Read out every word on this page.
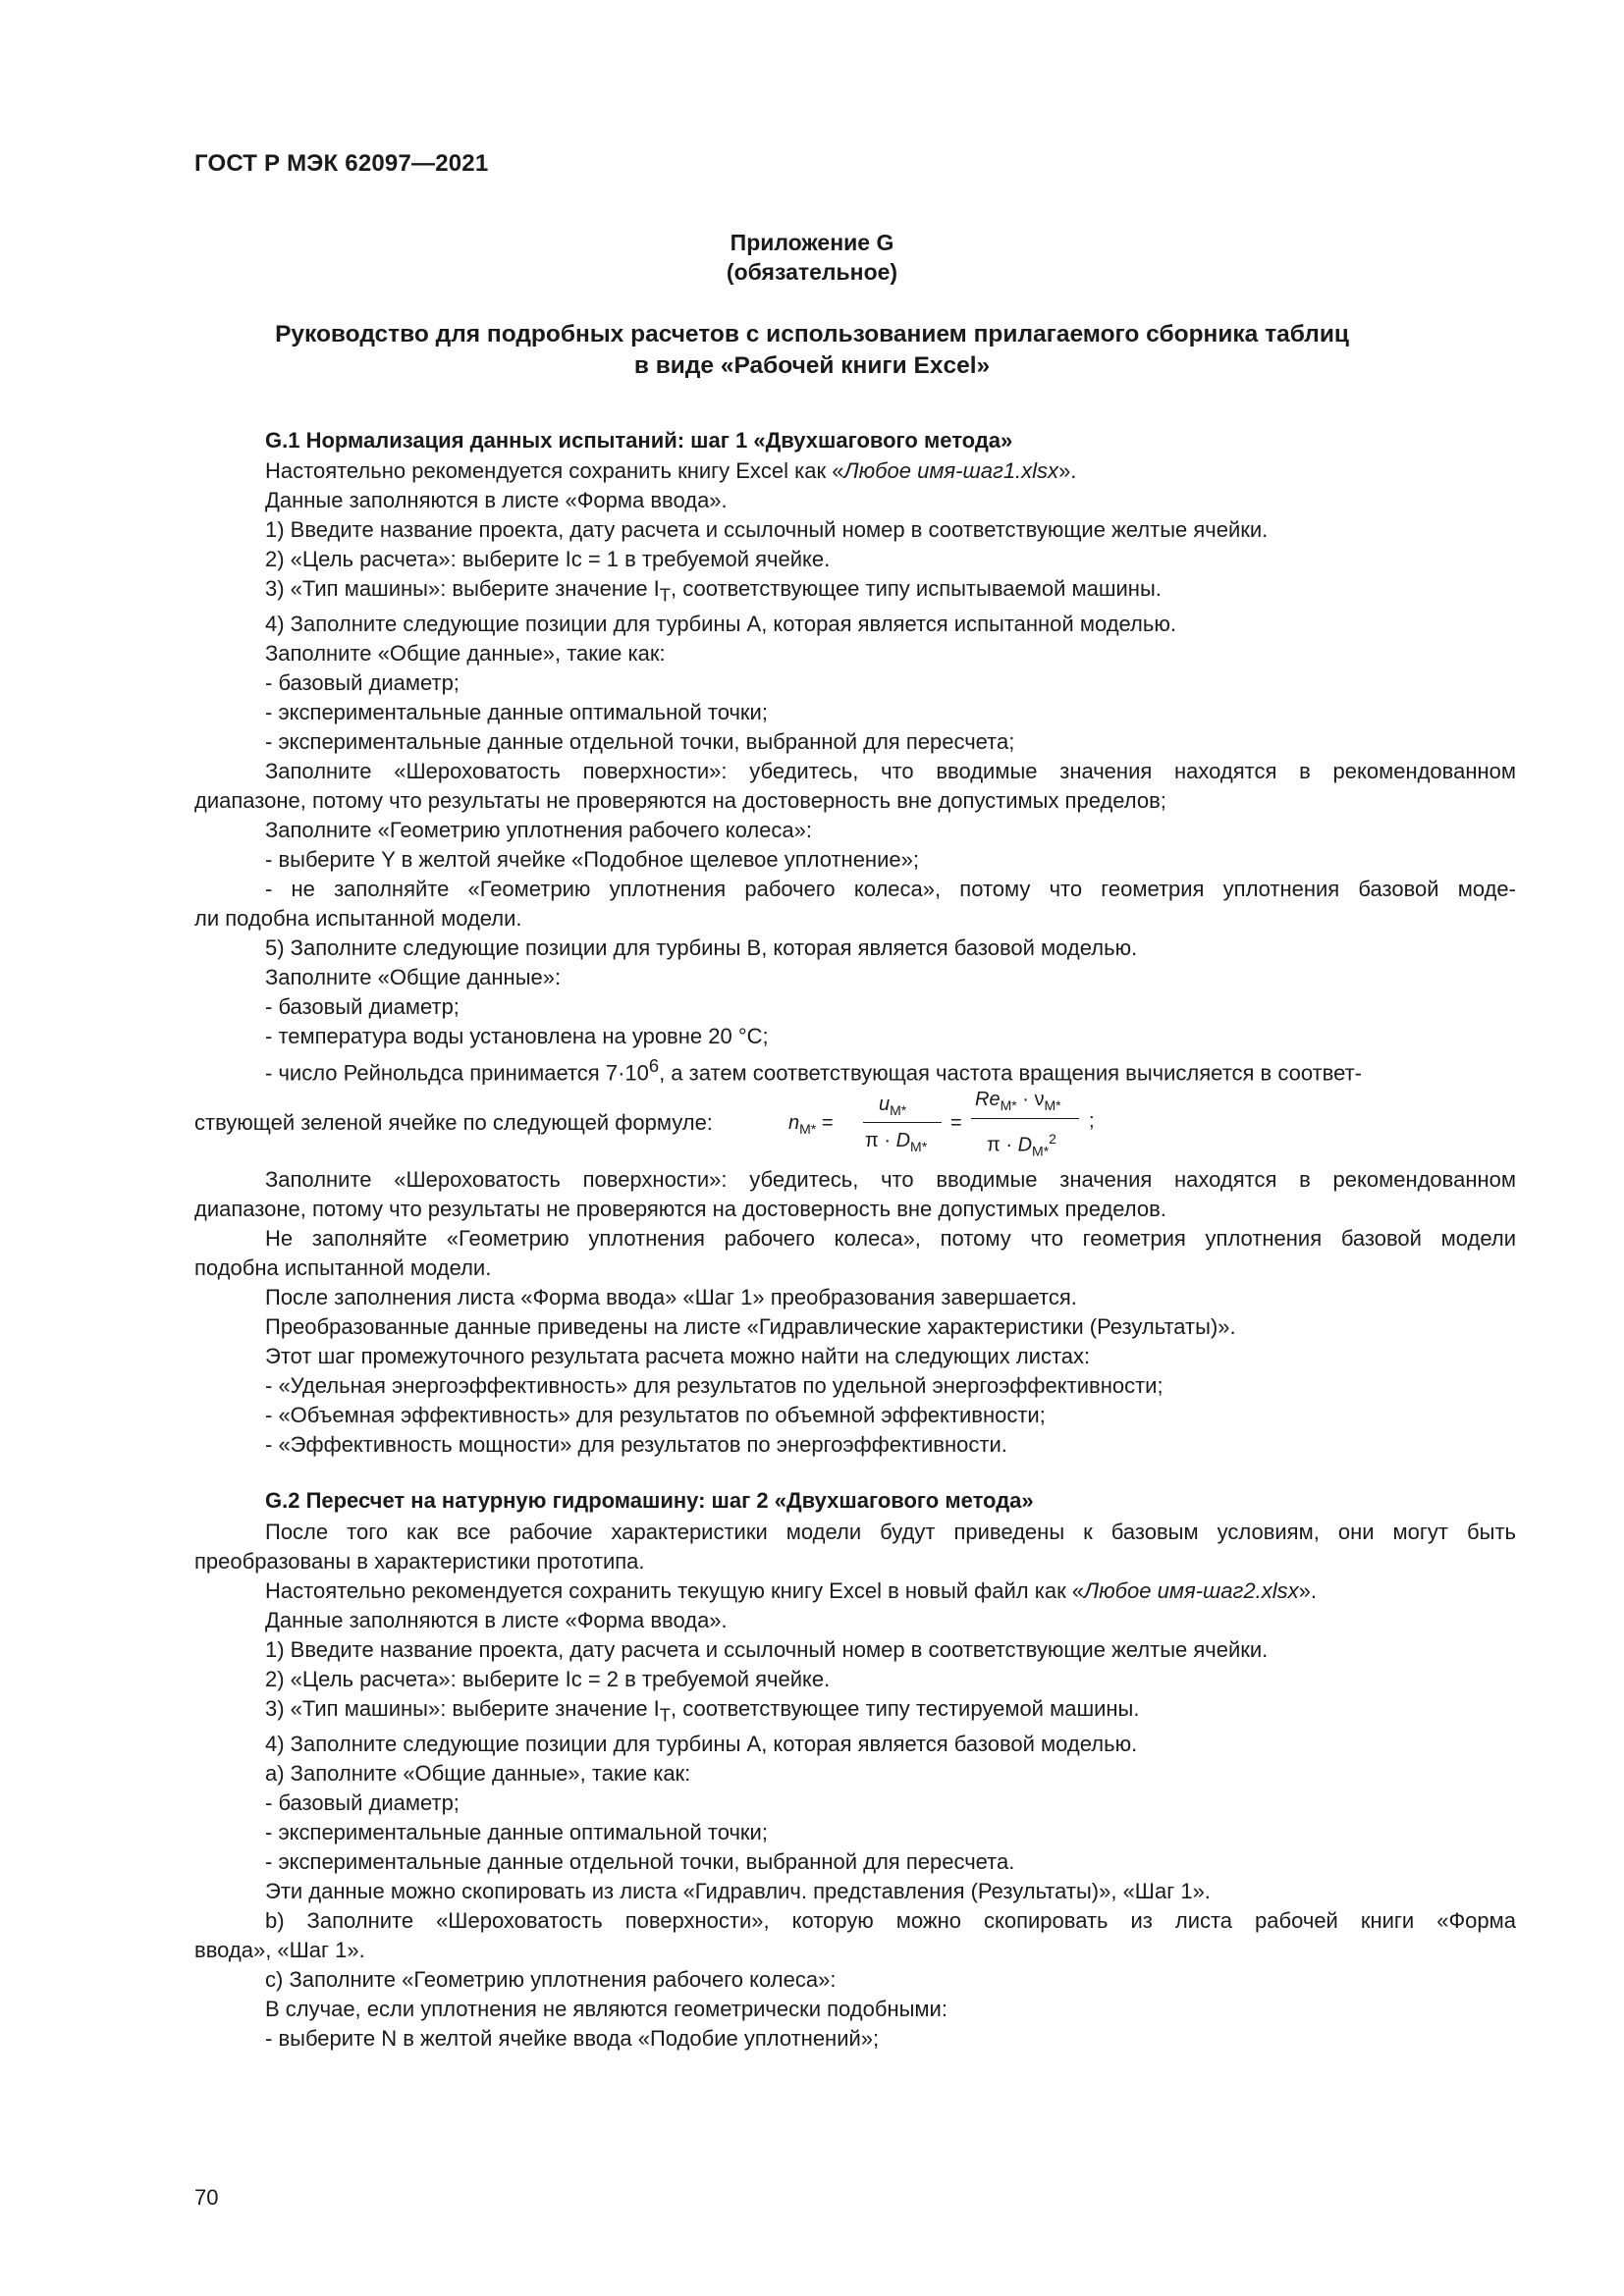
ГОСТ Р МЭК 62097—2021
Приложение G
(обязательное)
Руководство для подробных расчетов с использованием прилагаемого сборника таблиц
в виде «Рабочей книги Excel»
G.1 Нормализация данных испытаний: шаг 1 «Двухшагового метода»
Настоятельно рекомендуется сохранить книгу Excel как «Любое имя-шаг1.xlsx».
Данные заполняются в листе «Форма ввода».
1) Введите название проекта, дату расчета и ссылочный номер в соответствующие желтые ячейки.
2) «Цель расчета»: выберите Ic = 1 в требуемой ячейке.
3) «Тип машины»: выберите значение $I_T$, соответствующее типу испытываемой машины.
4) Заполните следующие позиции для турбины A, которая является испытанной моделью.
Заполните «Общие данные», такие как:
- базовый диаметр;
- экспериментальные данные оптимальной точки;
- экспериментальные данные отдельной точки, выбранной для пересчета;
Заполните «Шероховатость поверхности»: убедитесь, что вводимые значения находятся в рекомендованном
диапазоне, потому что результаты не проверяются на достоверность вне допустимых пределов;
Заполните «Геометрию уплотнения рабочего колеса»:
- выберите Y в желтой ячейке «Подобное щелевое уплотнение»;
- не заполняйте «Геометрию уплотнения рабочего колеса», потому что геометрия уплотнения базовой моде-
ли подобна испытанной модели.
5) Заполните следующие позиции для турбины B, которая является базовой моделью.
Заполните «Общие данные»:
- базовый диаметр;
- температура воды установлена на уровне 20 °C;
- число Рейнольдса принимается $7\cdot 10^6$, а затем соответствующая частота вращения вычисляется в соответ-
ствующей зеленой ячейке по следующей формуле:	$n_{M*}$ =
$u_{M*}$
$\pi \cdot D_{M*}$
=
$Re_{M*} \cdot \nu_{M*}$
$\pi \cdot D_{M*}^2$
;
Заполните «Шероховатость поверхности»: убедитесь, что вводимые значения находятся в рекомендованном
диапазоне, потому что результаты не проверяются на достоверность вне допустимых пределов.
Не заполняйте «Геометрию уплотнения рабочего колеса», потому что геометрия уплотнения базовой модели
подобна испытанной модели.
После заполнения листа «Форма ввода» «Шаг 1» преобразования завершается.
Преобразованные данные приведены на листе «Гидравлические характеристики (Результаты)».
Этот шаг промежуточного результата расчета можно найти на следующих листах:
- «Удельная энергоэффективность» для результатов по удельной энергоэффективности;
- «Объемная эффективность» для результатов по объемной эффективности;
- «Эффективность мощности» для результатов по энергоэффективности.
G.2 Пересчет на натурную гидромашину: шаг 2 «Двухшагового метода»
После того как все рабочие характеристики модели будут приведены к базовым условиям, они могут быть
преобразованы в характеристики прототипа.
Настоятельно рекомендуется сохранить текущую книгу Excel в новый файл как «Любое имя-шаг2.xlsx».
Данные заполняются в листе «Форма ввода».
1) Введите название проекта, дату расчета и ссылочный номер в соответствующие желтые ячейки.
2) «Цель расчета»: выберите Ic = 2 в требуемой ячейке.
3) «Тип машины»: выберите значение $I_T$, соответствующее типу тестируемой машины.
4) Заполните следующие позиции для турбины A, которая является базовой моделью.
a) Заполните «Общие данные», такие как:
- базовый диаметр;
- экспериментальные данные оптимальной точки;
- экспериментальные данные отдельной точки, выбранной для пересчета.
Эти данные можно скопировать из листа «Гидравлич. представления (Результаты)», «Шаг 1».
b) Заполните «Шероховатость поверхности», которую можно скопировать из листа рабочей книги «Форма
ввода», «Шаг 1».
c) Заполните «Геометрию уплотнения рабочего колеса»:
В случае, если уплотнения не являются геометрически подобными:
- выберите N в желтой ячейке ввода «Подобие уплотнений»;
70
